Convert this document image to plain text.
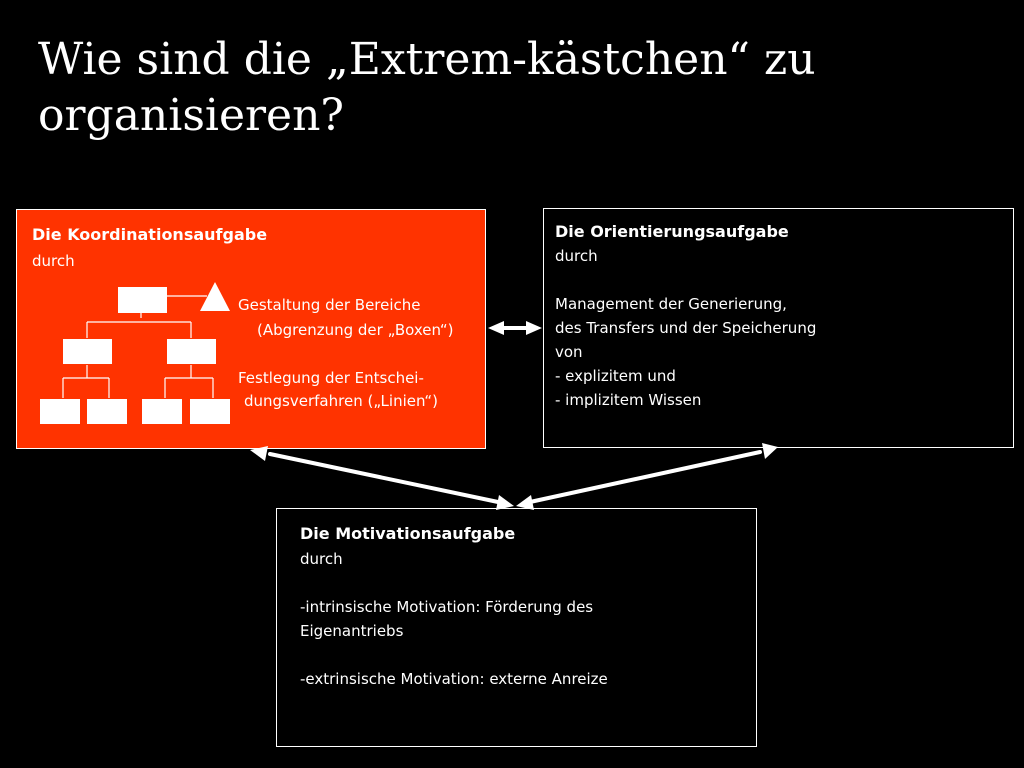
Wie sind die „Extrem-kästchen“ zu
organisieren?
Die Koordinationsaufgabe
durch
Gestaltung der Bereiche
(Abgrenzung der „Boxen“)
Festlegung der Entschei-
dungsverfahren („Linien“)
Die Orientierungsaufgabe
durch
Management der Generierung,
des Transfers und der Speicherung
von
- explizitem und
- implizitem Wissen
Die Motivationsaufgabe
durch
-intrinsische Motivation: Förderung des
Eigenantriebs
-extrinsische Motivation: externe Anreize
